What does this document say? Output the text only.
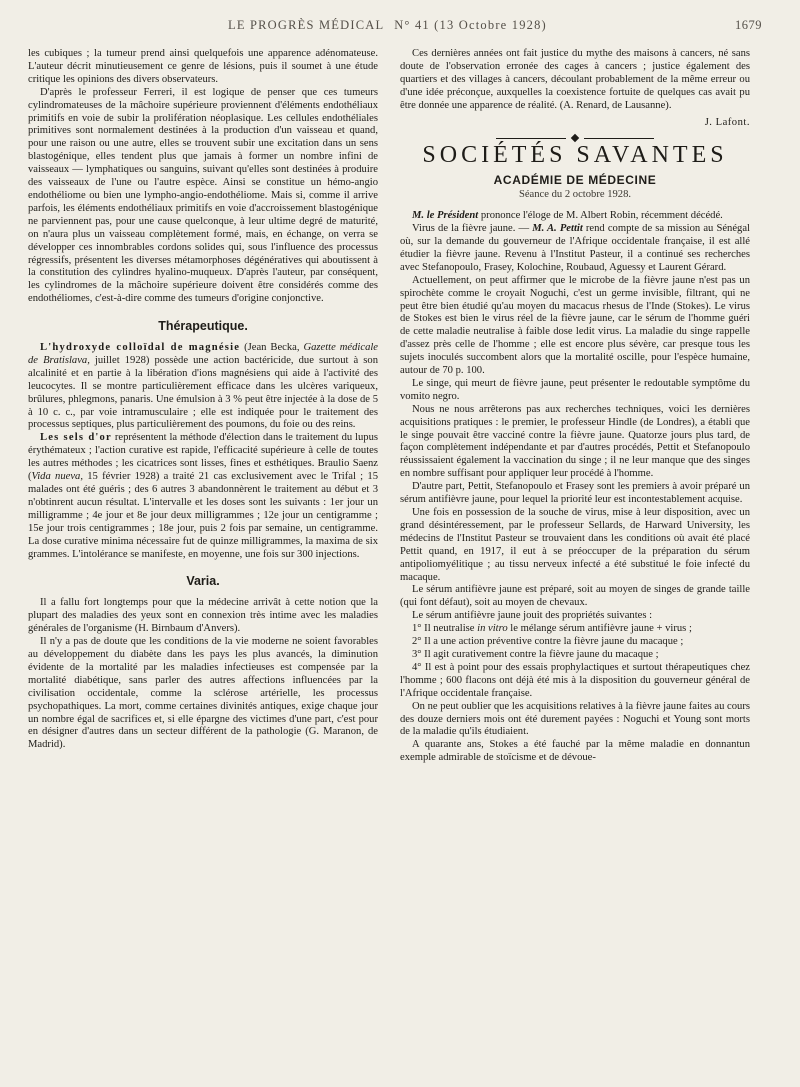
LE PROGRÈS MÉDICAL N° 41 (13 Octobre 1928)	1679

les cubiques ; la tumeur prend ainsi quelquefois une apparence adénomateuse. L'auteur décrit minutieusement ce genre de lésions, puis il soumet à une étude critique les opinions des divers observateurs.

D'après le professeur Ferreri, il est logique de penser que ces tumeurs cylindromateuses de la mâchoire supérieure proviennent d'éléments endothéliaux primitifs en voie de subir la prolifération néoplasique. Les cellules endothéliales primitives sont normalement destinées à la production d'un vaisseau et quand, pour une raison ou une autre, elles se trouvent subir une excitation dans un sens blastogénique, elles tendent plus que jamais à former un nombre infini de vaisseaux — lymphatiques ou sanguins, suivant qu'elles sont destinées à produire des vaisseaux de l'une ou l'autre espèce. Ainsi se constitue un hémo-angio endothéliome ou bien une lympho-angio-endothéliome. Mais si, comme il arrive parfois, les éléments endothéliaux primitifs en voie d'accroissement blastogénique ne parviennent pas, pour une cause quelconque, à leur ultime degré de maturité, on n'aura plus un vaisseau complètement formé, mais, en échange, on verra se développer ces innombrables cordons solides qui, sous l'influence des processus régressifs, présentent les diverses métamorphoses dégénératives qui aboutissent à la constitution des cylindres hyalino-muqueux. D'après l'auteur, par conséquent, les cylindromes de la mâchoire supérieure doivent être considérés comme des endothéliomes, c'est-à-dire comme des tumeurs d'origine conjonctive.

Thérapeutique.

L'hydroxyde colloïdal de magnésie (Jean Becka, Gazette médicale de Bratislava, juillet 1928) possède une action bactéricide, due surtout à son alcalinité et en partie à la libération d'ions magnésiens qui aide à l'activité des leucocytes. Il se montre particulièrement efficace dans les ulcères variqueux, brûlures, phlegmons, panaris. Une émulsion à 3 % peut être injectée à la dose de 5 à 10 c. c., par voie intramusculaire ; elle est indiquée pour le traitement des processus septiques, plus particulièrement des poumons, du foie ou des reins.

Les sels d'or représentent la méthode d'élection dans le traitement du lupus érythémateux ; l'action curative est rapide, l'efficacité supérieure à celle de toutes les autres méthodes ; les cicatrices sont lisses, fines et esthétiques. Braulio Saenz (Vida nueva, 15 février 1928) a traité 21 cas exclusivement avec le Trifal ; 15 malades ont été guéris ; des 6 autres 3 abandonnèrent le traitement au début et 3 n'obtinrent aucun résultat. L'intervalle et les doses sont les suivants : 1er jour un milligramme ; 4e jour et 8e jour deux milligrammes ; 12e jour un centigramme ; 15e jour trois centigrammes ; 18e jour, puis 2 fois par semaine, un centigramme. La dose curative minima nécessaire fut de quinze milligrammes, la maxima de six grammes. L'intolérance se manifeste, en moyenne, une fois sur 300 injections.

Varia.

Il a fallu fort longtemps pour que la médecine arrivât à cette notion que la plupart des maladies des yeux sont en connexion très intime avec les maladies générales de l'organisme (H. Birnbaum d'Anvers).

Il n'y a pas de doute que les conditions de la vie moderne ne soient favorables au développement du diabète dans les pays les plus avancés, la diminution évidente de la mortalité par les maladies infectieuses est compensée par la mortalité diabétique, sans parler des autres affections influencées par la civilisation occidentale, comme la sclérose artérielle, les processus psychopathiques. La mort, comme certaines divinités antiques, exige chaque jour un nombre égal de sacrifices et, si elle épargne des victimes d'une part, c'est pour en désigner d'autres dans un secteur différent de la pathologie (G. Maranon, de Madrid).

Ces dernières années ont fait justice du mythe des maisons à cancers, né sans doute de l'observation erronée des cages à cancers ; justice également des quartiers et des villages à cancers, découlant probablement de la même erreur ou d'une idée préconçue, auxquelles la coexistence fortuite de quelques cas avait pu être donnée une apparence de réalité. (A. Renard, de Lausanne).

J. Lafont.
SOCIÉTÉS SAVANTES
ACADÉMIE DE MÉDECINE
Séance du 2 octobre 1928.

M. le Président prononce l'éloge de M. Albert Robin, récemment décédé.

Virus de la fièvre jaune. — M. A. Pettit rend compte de sa mission au Sénégal où, sur la demande du gouverneur de l'Afrique occidentale française, il est allé étudier la fièvre jaune. Revenu à l'Institut Pasteur, il a continué ses recherches avec Stefanopoulo, Frasey, Kolochine, Roubaud, Aguessy et Laurent Gérard.

Actuellement, on peut affirmer que le microbe de la fièvre jaune n'est pas un spirochète comme le croyait Noguchi, c'est un germe invisible, filtrant, qui ne peut être bien étudié qu'au moyen du macacus rhesus de l'Inde (Stokes). Le virus de Stokes est bien le virus réel de la fièvre jaune, car le sérum de l'homme guéri de cette maladie neutralise à faible dose ledit virus. La maladie du singe rappelle d'assez près celle de l'homme ; elle est encore plus sévère, car presque tous les sujets inoculés succombent alors que la mortalité oscille, pour l'espèce humaine, autour de 70 p. 100.

Le singe, qui meurt de fièvre jaune, peut présenter le redoutable symptôme du vomito negro.

Nous ne nous arrêterons pas aux recherches techniques, voici les dernières acquisitions pratiques : le premier, le professeur Hindle (de Londres), a établi que le singe pouvait être vacciné contre la fièvre jaune. Quatorze jours plus tard, de façon complètement indépendante et par d'autres procédés, Pettit et Stefanopoulo réussissaient également la vaccination du singe ; il ne leur manque que des singes en nombre suffisant pour appliquer leur procédé à l'homme.

D'autre part, Pettit, Stefanopoulo et Frasey sont les premiers à avoir préparé un sérum antifièvre jaune, pour lequel la priorité leur est incontestablement acquise.

Une fois en possession de la souche de virus, mise à leur disposition, avec un grand désintéressement, par le professeur Sellards, de Harward University, les médecins de l'Institut Pasteur se trouvaient dans les conditions où avait été placé Pettit quand, en 1917, il eut à se préoccuper de la préparation du sérum antipoliomyélitique ; au tissu nerveux infecté a été substitué le foie infecté du macaque.

Le sérum antifièvre jaune est préparé, soit au moyen de singes de grande taille (qui font défaut), soit au moyen de chevaux.

Le sérum antifièvre jaune jouit des propriétés suivantes :

1° Il neutralise in vitro le mélange sérum antifièvre jaune + virus ;

2° Il a une action préventive contre la fièvre jaune du macaque ;

3° Il agit curativement contre la fièvre jaune du macaque ;

4° Il est à point pour des essais prophylactiques et surtout thérapeutiques chez l'homme ; 600 flacons ont déjà été mis à la disposition du gouverneur général de l'Afrique occidentale française.

On ne peut oublier que les acquisitions relatives à la fièvre jaune faites au cours des douze derniers mois ont été durement payées : Noguchi et Young sont morts de la maladie qu'ils étudiaient.

A quarante ans, Stokes a été fauché par la même maladie en donnantun exemple admirable de stoïcisme et de dévoue-
